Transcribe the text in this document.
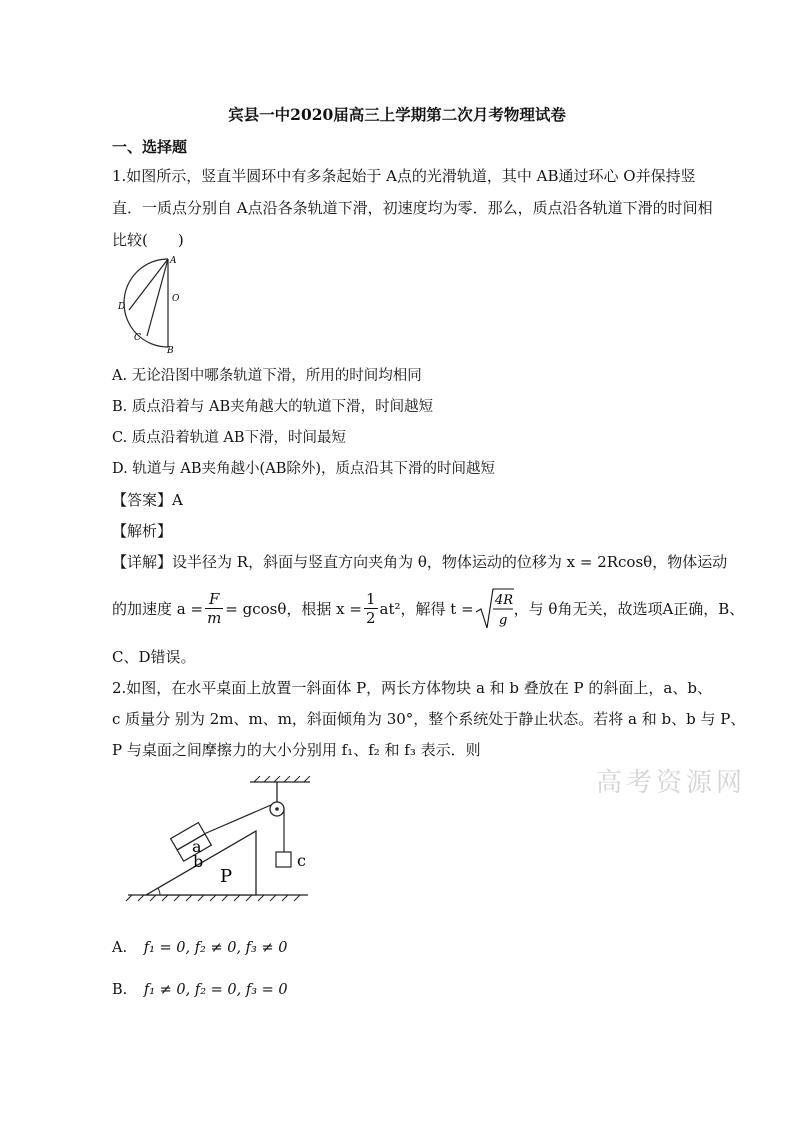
宾县一中2020届高三上学期第二次月考物理试卷
一、选择题
1.如图所示，竖直半圆环中有多条起始于 A点的光滑轨道，其中 AB通过环心 O并保持竖
直．一质点分别自 A点沿各条轨道下滑，初速度均为零．那么，质点沿各轨道下滑的时间相
比较(　　)
A
O
D
C
B
A. 无论沿图中哪条轨道下滑，所用的时间均相同
B. 质点沿着与 AB夹角越大的轨道下滑，时间越短
C. 质点沿着轨道 AB下滑，时间最短
D. 轨道与 AB夹角越小(AB除外)，质点沿其下滑的时间越短
【答案】A
【解析】
【详解】设半径为 R，斜面与竖直方向夹角为 θ，物体运动的位移为 x = 2Rcosθ，物体运动
的加速度 $a = \frac{F}{m} = gcos\theta$，根据 $x = \frac{1}{2} at^2$，解得 t = 4R
g
，与 θ角无关，故选项A正确，B、
C、D错误。
2.如图，在水平桌面上放置一斜面体 P，两长方体物块 a 和 b 叠放在 P 的斜面上，a、b、
c 质量分 别为 2m、m、m，斜面倾角为 30°，整个系统处于静止状态。若将 a 和 b、b 与 P、
P 与桌面之间摩擦力的大小分别用 f₁、f₂ 和 f₃ 表示．则
高考资源网
P
a
b	c
A. f₁ = 0, f₂ ≠ 0, f₃ ≠ 0
B. f₁ ≠ 0, f₂ = 0, f₃ = 0
